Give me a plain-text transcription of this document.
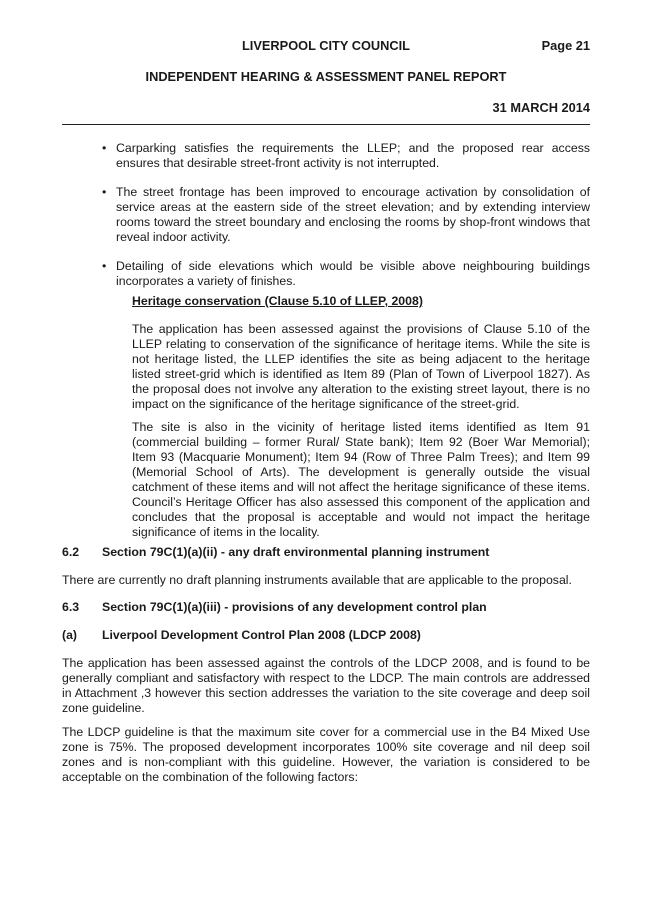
LIVERPOOL CITY COUNCIL	Page 21
INDEPENDENT HEARING & ASSESSMENT PANEL REPORT
31 MARCH 2014
• Carparking satisfies the requirements the LLEP; and the proposed rear access ensures that desirable street-front activity is not interrupted.
• The street frontage has been improved to encourage activation by consolidation of service areas at the eastern side of the street elevation; and by extending interview rooms toward the street boundary and enclosing the rooms by shop-front windows that reveal indoor activity.
• Detailing of side elevations which would be visible above neighbouring buildings incorporates a variety of finishes.
Heritage conservation (Clause 5.10 of LLEP, 2008)

The application has been assessed against the provisions of Clause 5.10 of the LLEP relating to conservation of the significance of heritage items. While the site is not heritage listed, the LLEP identifies the site as being adjacent to the heritage listed street-grid which is identified as Item 89 (Plan of Town of Liverpool 1827). As the proposal does not involve any alteration to the existing street layout, there is no impact on the significance of the heritage significance of the street-grid.

The site is also in the vicinity of heritage listed items identified as Item 91 (commercial building – former Rural/ State bank); Item 92 (Boer War Memorial); Item 93 (Macquarie Monument); Item 94 (Row of Three Palm Trees); and Item 99 (Memorial School of Arts). The development is generally outside the visual catchment of these items and will not affect the heritage significance of these items. Council’s Heritage Officer has also assessed this component of the application and concludes that the proposal is acceptable and would not impact the heritage significance of items in the locality.

6.2 Section 79C(1)(a)(ii) - any draft environmental planning instrument

There are currently no draft planning instruments available that are applicable to the proposal.

6.3 Section 79C(1)(a)(iii) - provisions of any development control plan
(a) Liverpool Development Control Plan 2008 (LDCP 2008)

The application has been assessed against the controls of the LDCP 2008, and is found to be generally compliant and satisfactory with respect to the LDCP. The main controls are addressed in Attachment ,3 however this section addresses the variation to the site coverage and deep soil zone guideline.

The LDCP guideline is that the maximum site cover for a commercial use in the B4 Mixed Use zone is 75%. The proposed development incorporates 100% site coverage and nil deep soil zones and is non-compliant with this guideline. However, the variation is considered to be acceptable on the combination of the following factors:
